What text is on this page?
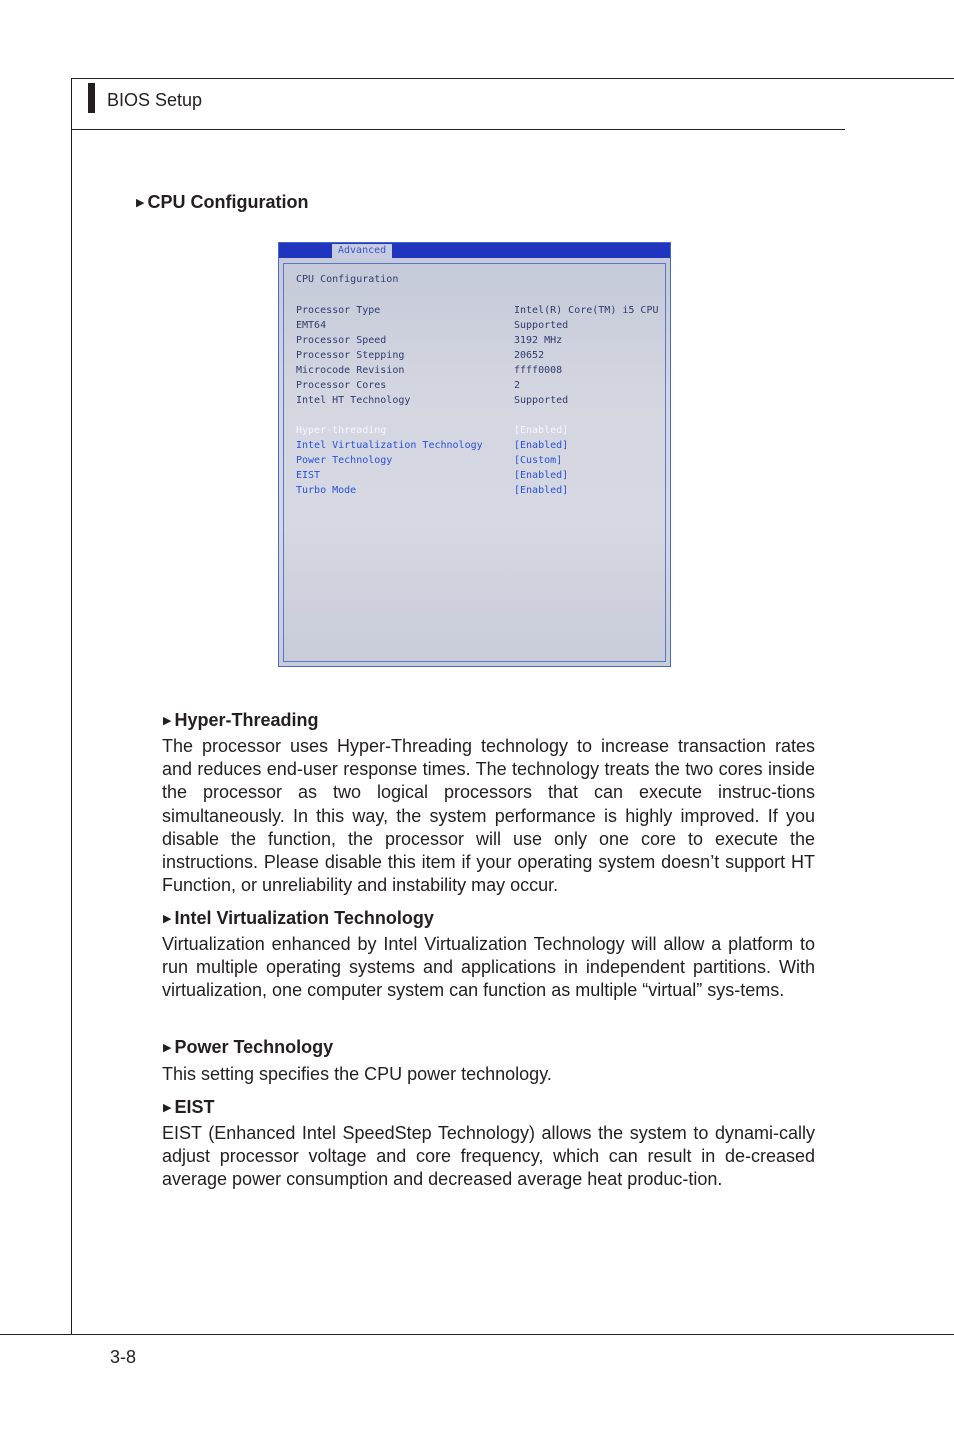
BIOS Setup
▶ CPU Configuration
Advanced
CPU Configuration
Processor Type	Intel(R) Core(TM) i5 CPU
EMT64	Supported
Processor Speed	3192 MHz
Processor Stepping	20652
Microcode Revision	ffff0008
Processor Cores	2
Intel HT Technology	Supported
Hyper-threading	[Enabled]
Intel Virtualization Technology	[Enabled]
Power Technology	[Custom]
EIST	[Enabled]
Turbo Mode	[Enabled]
▶ Hyper-Threading

The processor uses Hyper-Threading technology to increase transaction rates and reduces end-user response times. The technology treats the two cores inside the processor as two logical processors that can execute instruc-tions simultaneously. In this way, the system performance is highly improved. If you disable the function, the processor will use only one core to execute the instructions. Please disable this item if your operating system doesn’t support HT Function, or unreliability and instability may occur.

▶ Intel Virtualization Technology

Virtualization enhanced by Intel Virtualization Technology will allow a platform to run multiple operating systems and applications in independent partitions. With virtualization, one computer system can function as multiple “virtual” sys-tems.

▶ Power Technology

This setting specifies the CPU power technology.

▶ EIST

EIST (Enhanced Intel SpeedStep Technology) allows the system to dynami-cally adjust processor voltage and core frequency, which can result in de-creased average power consumption and decreased average heat produc-tion.

3-8
